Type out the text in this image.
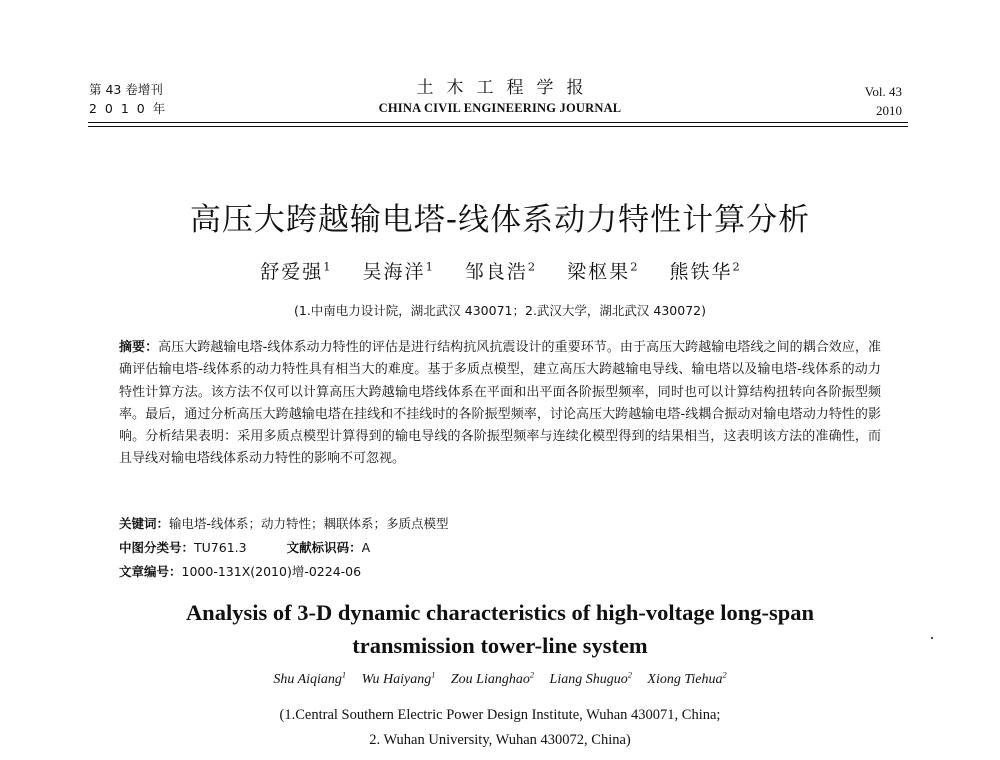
第 43 卷增刊
2 0 1 0 年
土木工程学报
CHINA CIVIL ENGINEERING JOURNAL
Vol. 43
2010
高压大跨越输电塔-线体系动力特性计算分析
舒爱强$^1$ 吴海洋$^1$ 邹良浩$^2$ 梁枢果$^2$ 熊铁华$^2$
(1.中南电力设计院，湖北武汉 430071；2.武汉大学，湖北武汉 430072)
摘要：高压大跨越输电塔-线体系动力特性的评估是进行结构抗风抗震设计的重要环节。由于高压大跨越输电塔线之间的耦合效应，准确评估输电塔-线体系的动力特性具有相当大的难度。基于多质点模型，建立高压大跨越输电导线、输电塔以及输电塔-线体系的动力特性计算方法。该方法不仅可以计算高压大跨越输电塔线体系在平面和出平面各阶振型频率，同时也可以计算结构扭转向各阶振型频率。最后，通过分析高压大跨越输电塔在挂线和不挂线时的各阶振型频率，讨论高压大跨越输电塔-线耦合振动对输电塔动力特性的影响。分析结果表明：采用多质点模型计算得到的输电导线的各阶振型频率与连续化模型得到的结果相当，这表明该方法的准确性，而且导线对输电塔线体系动力特性的影响不可忽视。
关键词：输电塔-线体系；动力特性；耦联体系；多质点模型
中图分类号：TU761.3	文献标识码：A
文章编号：1000-131X(2010)增-0224-06
Analysis of 3-D dynamic characteristics of high-voltage long-span
transmission tower-line system
Shu Aiqiang$^1$ Wu Haiyang$^1$ Zou Lianghao$^2$ Liang Shuguo$^2$ Xiong Tiehua$^2$
(1.Central Southern Electric Power Design Institute, Wuhan 430071, China;
2. Wuhan University, Wuhan 430072, China)
